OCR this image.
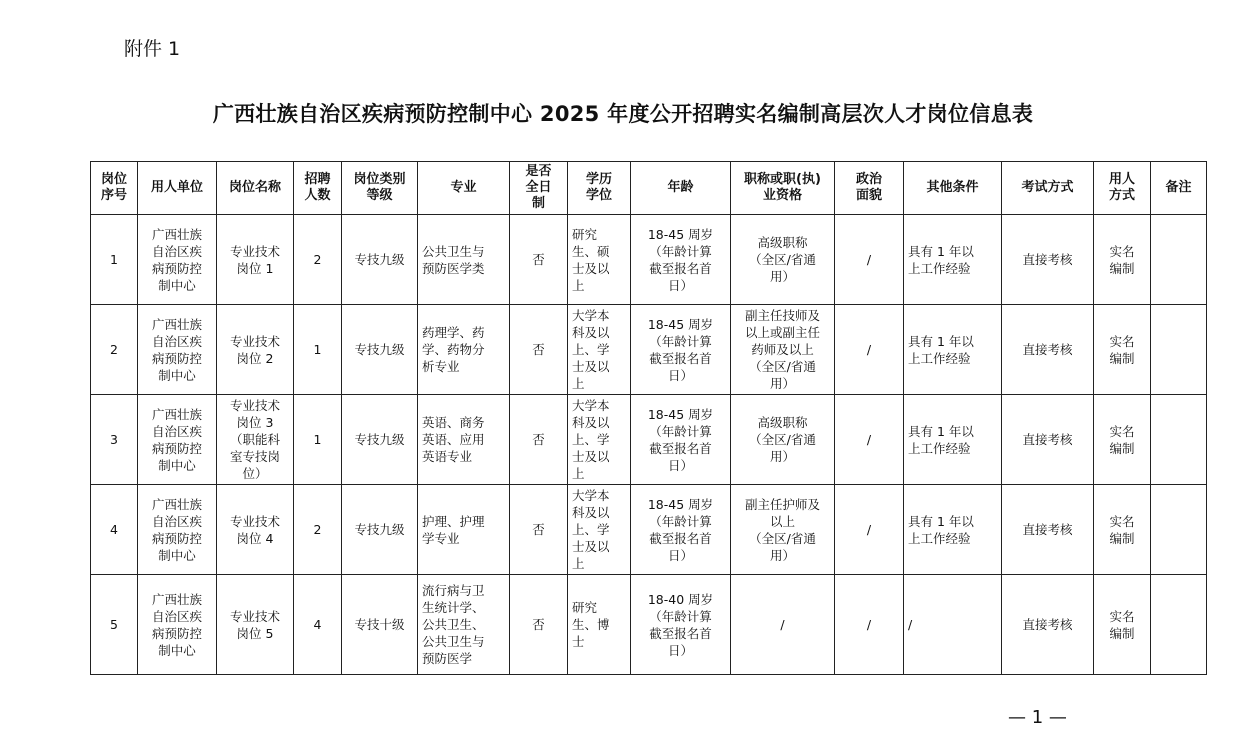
附件 1
广西壮族自治区疾病预防控制中心 2025 年度公开招聘实名编制高层次人才岗位信息表
岗位
序号	用人单位	岗位名称	招聘
人数	岗位类别
等级	专业	是否
全日
制	学历
学位	年龄	职称或职(执)
业资格	政治
面貌	其他条件	考试方式	用人
方式	备注
1	广西壮族
自治区疾
病预防控
制中心	专业技术
岗位 1	2	专技九级	公共卫生与
预防医学类	否	研究
生、硕
士及以
上	18-45 周岁
（年龄计算
截至报名首
日）	高级职称
（全区/省通
用）	/	具有 1 年以
上工作经验	直接考核	实名
编制	
2	广西壮族
自治区疾
病预防控
制中心	专业技术
岗位 2	1	专技九级	药理学、药
学、药物分
析专业	否	大学本
科及以
上、学
士及以
上	18-45 周岁
（年龄计算
截至报名首
日）	副主任技师及
以上或副主任
药师及以上
（全区/省通
用）	/	具有 1 年以
上工作经验	直接考核	实名
编制	
3	广西壮族
自治区疾
病预防控
制中心	专业技术
岗位 3
（职能科
室专技岗
位）	1	专技九级	英语、商务
英语、应用
英语专业	否	大学本
科及以
上、学
士及以
上	18-45 周岁
（年龄计算
截至报名首
日）	高级职称
（全区/省通
用）	/	具有 1 年以
上工作经验	直接考核	实名
编制	
4	广西壮族
自治区疾
病预防控
制中心	专业技术
岗位 4	2	专技九级	护理、护理
学专业	否	大学本
科及以
上、学
士及以
上	18-45 周岁
（年龄计算
截至报名首
日）	副主任护师及
以上
（全区/省通
用）	/	具有 1 年以
上工作经验	直接考核	实名
编制	
5	广西壮族
自治区疾
病预防控
制中心	专业技术
岗位 5	4	专技十级	流行病与卫
生统计学、
公共卫生、
公共卫生与
预防医学	否	研究
生、博
士	18-40 周岁
（年龄计算
截至报名首
日）	/	/	/	直接考核	实名
编制	
— 1 —
